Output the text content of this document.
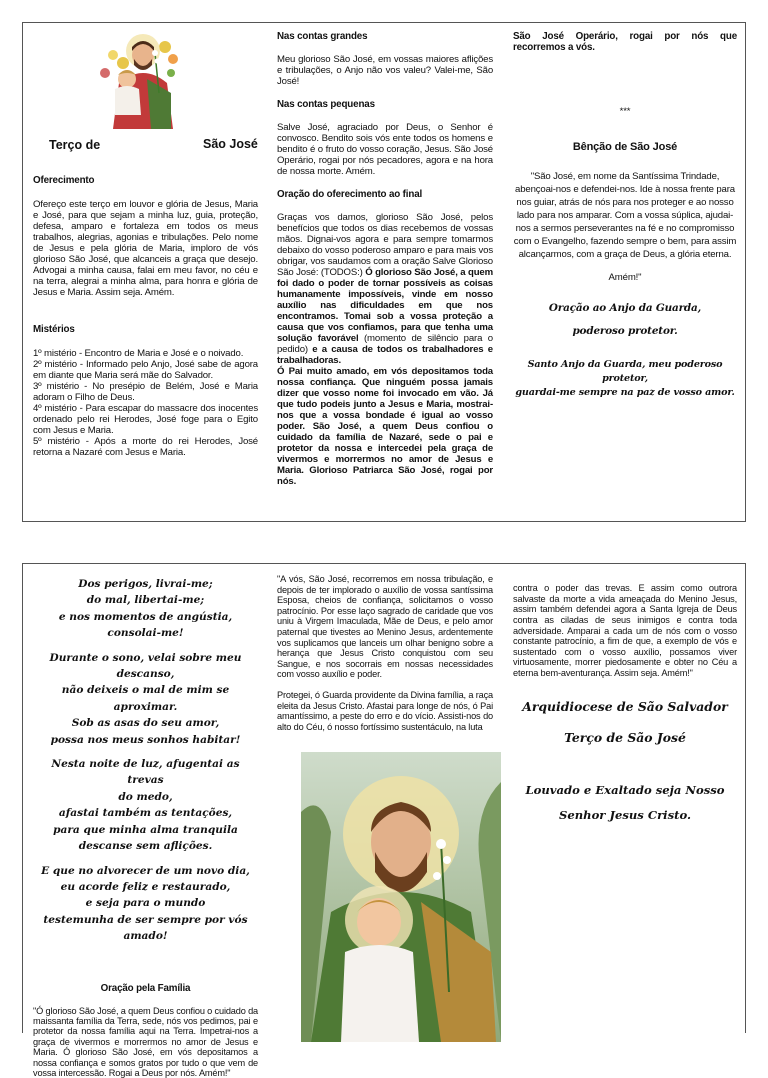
Terço de	São José

Oferecimento

Ofereço este terço em louvor e glória de Jesus, Maria e José, para que sejam a minha luz, guia, proteção, defesa, amparo e fortaleza em todos os meus trabalhos, alegrias, agonias e tribulações. Pelo nome de Jesus e pela glória de Maria, imploro de vós glorioso São José, que alcanceis a graça que desejo. Advogai a minha causa, falai em meu favor, no céu e na terra, alegrai a minha alma, para honra e glória de Jesus e Maria. Assim seja. Amém.

Mistérios

1º mistério - Encontro de Maria e José e o noivado.

2º mistério - Informado pelo Anjo, José sabe de agora em diante que Maria será mãe do Salvador.

3º mistério - No presépio de Belém, José e Maria adoram o Filho de Deus.

4º mistério - Para escapar do massacre dos inocentes ordenado pelo rei Herodes, José foge para o Egito com Jesus e Maria.

5º mistério - Após a morte do rei Herodes, José retorna a Nazaré com Jesus e Maria.

Nas contas grandes

Meu glorioso São José, em vossas maiores aflições e tribulações, o Anjo não vos valeu? Valei-me, São José!

Nas contas pequenas

Salve José, agraciado por Deus, o Senhor é convosco. Bendito sois vós ente todos os homens e bendito é o fruto do vosso coração, Jesus. São José Operário, rogai por nós pecadores, agora e na hora de nossa morte. Amém.

Oração do oferecimento ao final

Graças vos damos, glorioso São José, pelos benefícios que todos os dias recebemos de vossas mãos. Dignai-vos agora e para sempre tomarmos debaixo do vosso poderoso amparo e para mais vos obrigar, vos saudamos com a oração Salve Glorioso São José: (TODOS:) Ó glorioso São José, a quem foi dado o poder de tornar possíveis as coisas humanamente impossíveis, vinde em nosso auxílio nas dificuldades em que nos encontramos. Tomai sob a vossa proteção a causa que vos confiamos, para que tenha uma solução favorável (momento de silêncio para o pedido) e a causa de todos os trabalhadores e trabalhadoras.

Ó Pai muito amado, em vós depositamos toda nossa confiança. Que ninguém possa jamais dizer que vosso nome foi invocado em vão. Já que tudo podeis junto a Jesus e Maria, mostrai-nos que a vossa bondade é igual ao vosso poder. São José, a quem Deus confiou o cuidado da família de Nazaré, sede o pai e protetor da nossa e intercedei pela graça de vivermos e morrermos no amor de Jesus e Maria. Glorioso Patriarca São José, rogai por nós.

São José Operário, rogai por nós que recorremos a vós.

***

Bênção de São José

"São José, em nome da Santíssima Trindade, abençoai-nos e defendei-nos. Ide à nossa frente para nos guiar, atrás de nós para nos proteger e ao nosso lado para nos amparar. Com a vossa súplica, ajudai-nos a sermos perseverantes na fé e no compromisso com o Evangelho, fazendo sempre o bem, para assim alcançarmos, com a graça de Deus, a glória eterna.

Amém!"

Oração ao Anjo da Guarda,

poderoso protetor.

Santo Anjo da Guarda, meu poderoso

protetor,

guardai-me sempre na paz de vosso amor.

Dos perigos, livrai-me;
do mal, libertai-me;
e nos momentos de angústia, consolai-me!
Durante o sono, velai sobre meu
descanso,
não deixeis o mal de mim se aproximar.
Sob as asas do seu amor,
possa nos meus sonhos habitar!
Nesta noite de luz, afugentai as trevas
do medo,
afastai também as tentações,
para que minha alma tranquila
descanse sem aflições.
E que no alvorecer de um novo dia,
eu acorde feliz e restaurado,
e seja para o mundo
testemunha de ser sempre por vós amado!

Oração pela Família

"Ó glorioso São José, a quem Deus confiou o cuidado da maissanta família da Terra, sede, nós vos pedimos, pai e protetor da nossa família aqui na Terra. Impetrai-nos a graça de vivermos e morrermos no amor de Jesus e Maria. Ó glorioso São José, em vós depositamos a nossa confiança e somos gratos por tudo o que vem de vossa intercessão. Rogai a Deus por nós. Amém!"

"A vós, São José, recorremos em nossa tribulação, e depois de ter implorado o auxílio de vossa santíssima Esposa, cheios de confiança, solicitamos o vosso patrocínio. Por esse laço sagrado de caridade que vos uniu à Virgem Imaculada, Mãe de Deus, e pelo amor paternal que tivestes ao Menino Jesus, ardentemente vos suplicamos que lanceis um olhar benigno sobre a herança que Jesus Cristo conquistou com seu Sangue, e nos socorrais em nossas necessidades com vosso auxílio e poder.

Protegei, ó Guarda providente da Divina família, a raça eleita da Jesus Cristo. Afastai para longe de nós, ó Pai amantíssimo, a peste do erro e do vício. Assisti-nos do alto do Céu, ó nosso fortíssimo sustentáculo, na luta

contra o poder das trevas. E assim como outrora salvaste da morte a vida ameaçada do Menino Jesus, assim também defendei agora a Santa Igreja de Deus contra as ciladas de seus inimigos e contra toda adversidade. Amparai a cada um de nós com o vosso constante patrocínio, a fim de que, a exemplo de vós e sustentado com o vosso auxílio, possamos viver virtuosamente, morrer piedosamente e obter no Céu a eterna bem-aventurança. Assim seja. Amém!"

Arquidiocese de São Salvador

Terço de São José

Louvado e Exaltado seja Nosso

Senhor Jesus Cristo.
